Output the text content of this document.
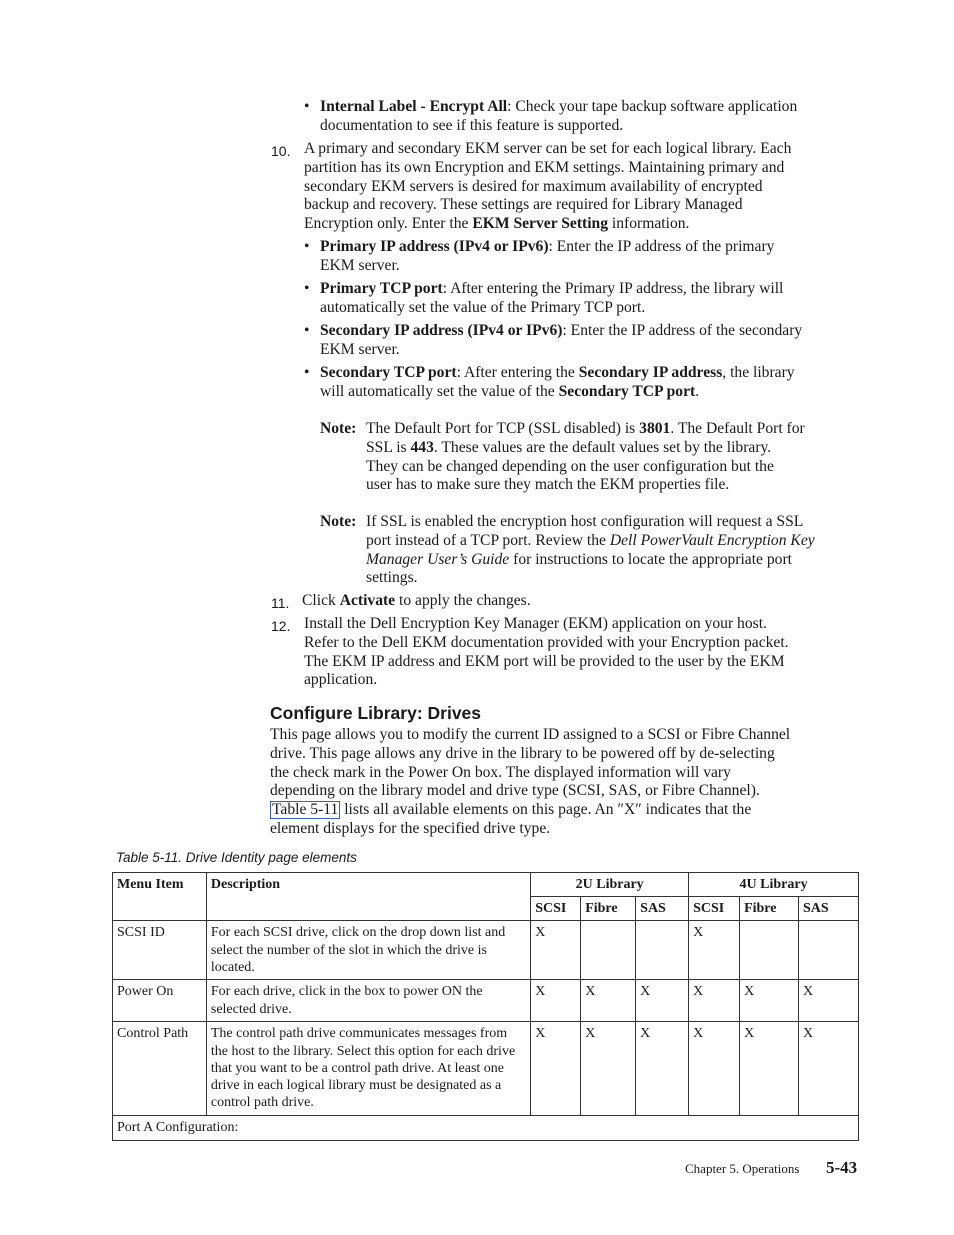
• Internal Label - Encrypt All: Check your tape backup software application
documentation to see if this feature is supported.
10. A primary and secondary EKM server can be set for each logical library. Each
partition has its own Encryption and EKM settings. Maintaining primary and
secondary EKM servers is desired for maximum availability of encrypted
backup and recovery. These settings are required for Library Managed
Encryption only. Enter the EKM Server Setting information.
• Primary IP address (IPv4 or IPv6): Enter the IP address of the primary
EKM server.
• Primary TCP port: After entering the Primary IP address, the library will
automatically set the value of the Primary TCP port.
• Secondary IP address (IPv4 or IPv6): Enter the IP address of the secondary
EKM server.
• Secondary TCP port: After entering the Secondary IP address, the library
will automatically set the value of the Secondary TCP port.
Note: The Default Port for TCP (SSL disabled) is 3801. The Default Port for
SSL is 443. These values are the default values set by the library.
They can be changed depending on the user configuration but the
user has to make sure they match the EKM properties file.
Note: If SSL is enabled the encryption host configuration will request a SSL
port instead of a TCP port. Review the Dell PowerVault Encryption Key
Manager User’s Guide for instructions to locate the appropriate port
settings.
11. Click Activate to apply the changes.
12. Install the Dell Encryption Key Manager (EKM) application on your host.
Refer to the Dell EKM documentation provided with your Encryption packet.
The EKM IP address and EKM port will be provided to the user by the EKM
application.
Configure Library: Drives
This page allows you to modify the current ID assigned to a SCSI or Fibre Channel
drive. This page allows any drive in the library to be powered off by de-selecting
the check mark in the Power On box. The displayed information will vary
depending on the library model and drive type (SCSI, SAS, or Fibre Channel).
Table 5-11 lists all available elements on this page. An ″X″ indicates that the
element displays for the specified drive type.
Table 5-11. Drive Identity page elements
Menu Item	Description	2U Library			4U Library		
		SCSI	Fibre	SAS	SCSI	Fibre	SAS
SCSI ID	For each SCSI drive, click on the drop down list and select the number of the slot in which the drive is located.	X			X		
Power On	For each drive, click in the box to power ON the selected drive.	X	X	X	X	X	X
Control Path	The control path drive communicates messages from the host to the library. Select this option for each drive that you want to be a control path drive. At least one drive in each logical library must be designated as a control path drive.	X	X	X	X	X	X
Port A Configuration:							
Chapter 5. Operations 5-43
